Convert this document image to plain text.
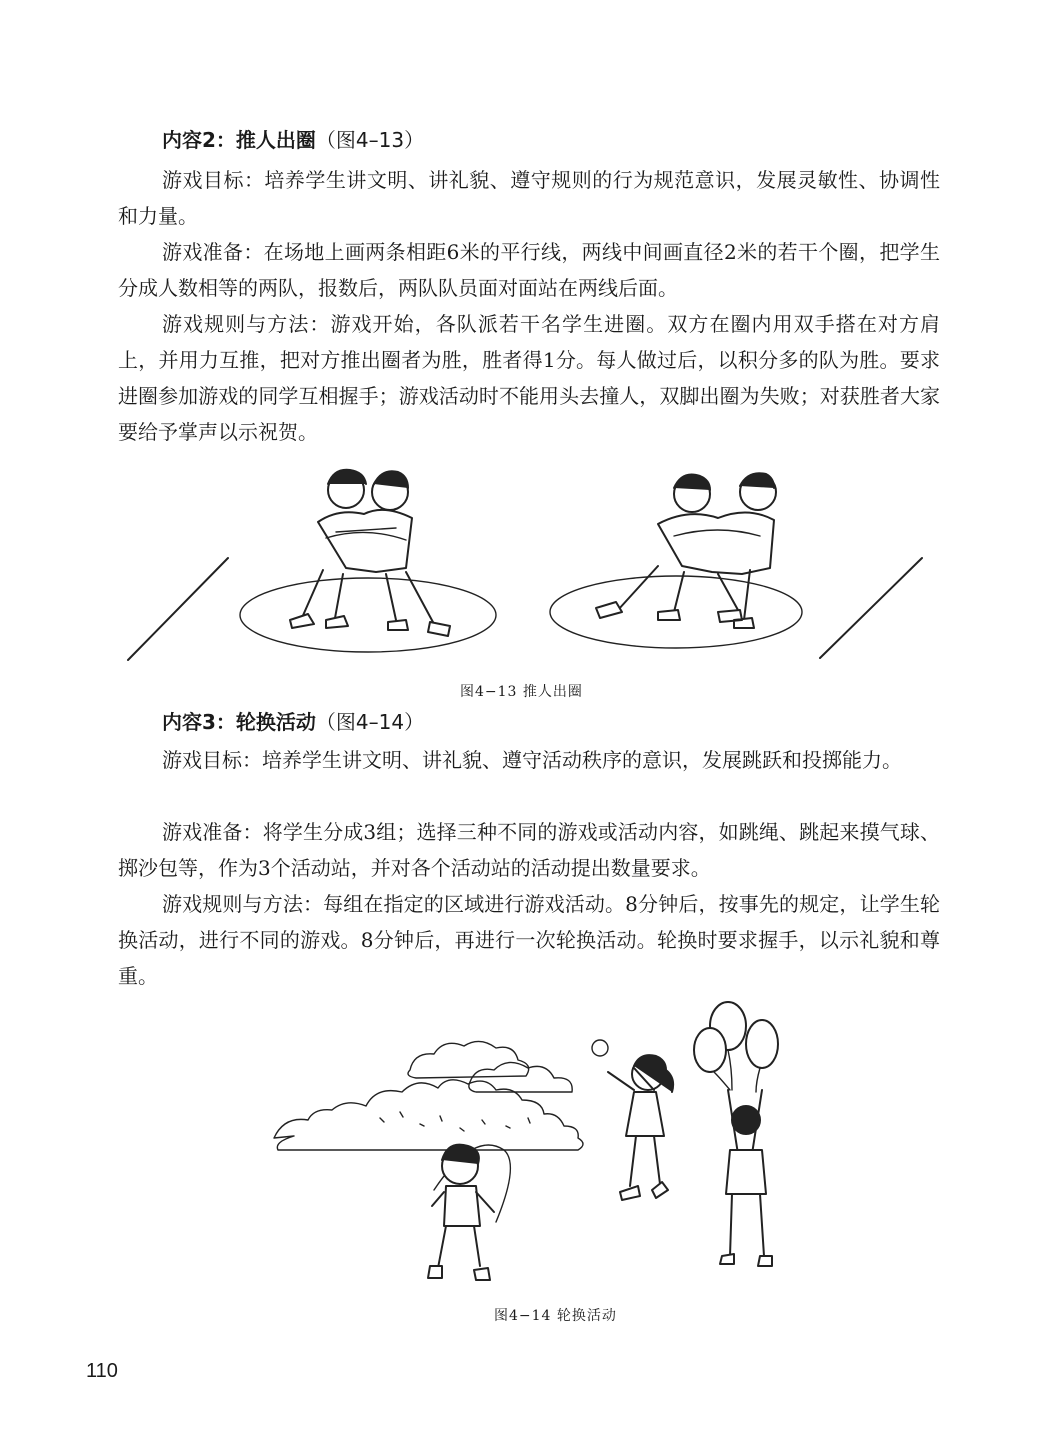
内容2：推人出圈（图4–13）

游戏目标：培养学生讲文明、讲礼貌、遵守规则的行为规范意识，发展灵敏性、协调性和力量。

游戏准备：在场地上画两条相距6米的平行线，两线中间画直径2米的若干个圈，把学生分成人数相等的两队，报数后，两队队员面对面站在两线后面。

游戏规则与方法：游戏开始，各队派若干名学生进圈。双方在圈内用双手搭在对方肩上，并用力互推，把对方推出圈者为胜，胜者得1分。每人做过后，以积分多的队为胜。要求进圈参加游戏的同学互相握手；游戏活动时不能用头去撞人，双脚出圈为失败；对获胜者大家要给予掌声以示祝贺。

图4−13 推人出圈
内容3：轮换活动（图4–14）

游戏目标：培养学生讲文明、讲礼貌、遵守活动秩序的意识，发展跳跃和投掷能力。

游戏准备：将学生分成3组；选择三种不同的游戏或活动内容，如跳绳、跳起来摸气球、掷沙包等，作为3个活动站，并对各个活动站的活动提出数量要求。

游戏规则与方法：每组在指定的区域进行游戏活动。8分钟后，按事先的规定，让学生轮换活动，进行不同的游戏。8分钟后，再进行一次轮换活动。轮换时要求握手，以示礼貌和尊重。

图4−14 轮换活动
110
